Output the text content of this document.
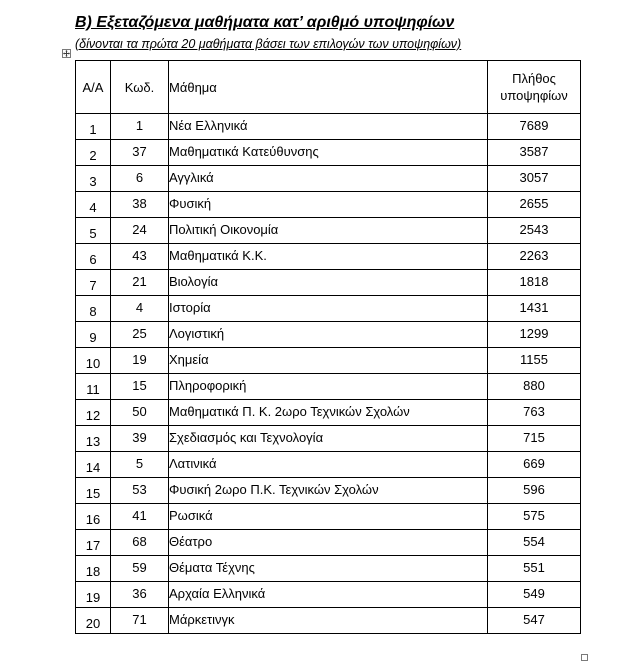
Β) Εξεταζόμενα μαθήματα κατ’ αριθμό υποψηφίων
(δίνονται τα πρώτα 20 μαθήματα βάσει των επιλογών των υποψηφίων)
Α/Α	Κωδ.	Μάθημα	Πλήθος
υποψηφίων
1	1	Νέα Ελληνικά	7689
2	37	Μαθηματικά Κατεύθυνσης	3587
3	6	Αγγλικά	3057
4	38	Φυσική	2655
5	24	Πολιτική Οικονομία	2543
6	43	Μαθηματικά Κ.Κ.	2263
7	21	Βιολογία	1818
8	4	Ιστορία	1431
9	25	Λογιστική	1299
10	19	Χημεία	1155
11	15	Πληροφορική	880
12	50	Μαθηματικά Π. Κ. 2ωρο Τεχνικών Σχολών	763
13	39	Σχεδιασμός και Τεχνολογία	715
14	5	Λατινικά	669
15	53	Φυσική 2ωρο Π.Κ. Τεχνικών Σχολών	596
16	41	Ρωσικά	575
17	68	Θέατρο	554
18	59	Θέματα Τέχνης	551
19	36	Αρχαία Ελληνικά	549
20	71	Μάρκετινγκ	547
